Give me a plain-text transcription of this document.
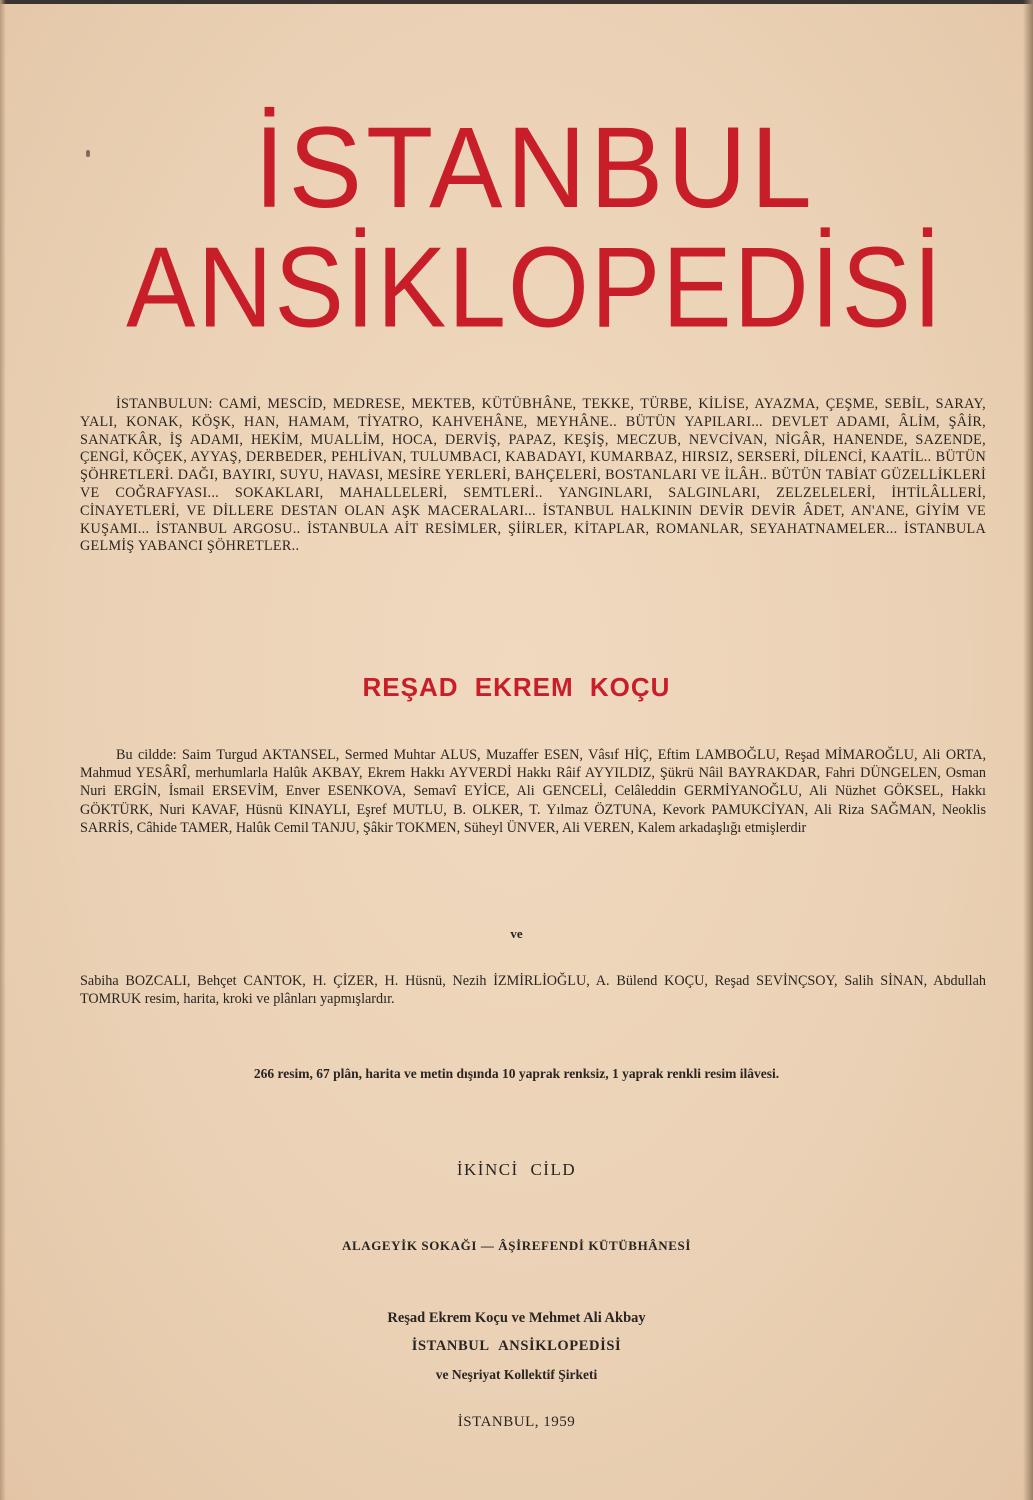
İSTANBUL
ANSİKLOPEDİSİ

İSTANBULUN: CAMİ, MESCİD, MEDRESE, MEKTEB, KÜTÜBHÂNE, TEKKE, TÜRBE, KİLİSE, AYAZMA, ÇEŞME, SEBİL, SARAY, YALI, KONAK, KÖŞK, HAN, HAMAM, TİYATRO, KAHVEHÂNE, MEYHÂNE.. BÜTÜN YAPILARI... DEVLET ADAMI, ÂLİM, ŞÂİR, SANATKÂR, İŞ ADAMI, HEKİM, MUALLİM, HOCA, DERVİŞ, PAPAZ, KEŞİŞ, MECZUB, NEVCİVAN, NİGÂR, HANENDE, SAZENDE, ÇENGİ, KÖÇEK, AYYAŞ, DERBEDER, PEHLİVAN, TULUMBACI, KABADAYI, KUMARBAZ, HIRSIZ, SERSERİ, DİLENCİ, KAATİL.. BÜTÜN ŞÖHRETLERİ. DAĞI, BAYIRI, SUYU, HAVASI, MESİRE YERLERİ, BAHÇELERİ, BOSTANLARI VE İLÂH.. BÜTÜN TABİAT GÜZELLİKLERİ VE COĞRAFYASI... SOKAKLARI, MAHALLELERİ, SEMTLERİ.. YANGINLARI, SALGINLARI, ZELZELELERİ, İHTİLÂLLERİ, CİNAYETLERİ, VE DİLLERE DESTAN OLAN AŞK MACERALARI... İSTANBUL HALKININ DEVİR DEVİR ÂDET, AN'ANE, GİYİM VE KUŞAMI... İSTANBUL ARGOSU.. İSTANBULA AİT RESİMLER, ŞİİRLER, KİTAPLAR, ROMANLAR, SEYAHATNAMELER... İSTANBULA GELMİŞ YABANCI ŞÖHRETLER..

REŞAD EKREM KOÇU

Bu cildde: Saim Turgud AKTANSEL, Sermed Muhtar ALUS, Muzaffer ESEN, Vâsıf HİÇ, Eftim LAMBOĞLU, Reşad MİMAROĞLU, Ali ORTA, Mahmud YESÂRÎ, merhumlarla Halûk AKBAY, Ekrem Hakkı AYVERDİ Hakkı Râif AYYILDIZ, Şükrü Nâil BAYRAKDAR, Fahri DÜNGELEN, Osman Nuri ERGİN, İsmail ERSEVİM, Enver ESENKOVA, Semavî EYİCE, Ali GENCELİ, Celâleddin GERMİYANOĞLU, Ali Nüzhet GÖKSEL, Hakkı GÖKTÜRK, Nuri KAVAF, Hüsnü KINAYLI, Eşref MUTLU, B. OLKER, T. Yılmaz ÖZTUNA, Kevork PAMUKCİYAN, Ali Riza SAĞMAN, Neoklis SARRİS, Câhide TAMER, Halûk Cemil TANJU, Şâkir TOKMEN, Süheyl ÜNVER, Ali VEREN, Kalem arkadaşlığı etmişlerdir

ve

Sabiha BOZCALI, Behçet CANTOK, H. ÇİZER, H. Hüsnü, Nezih İZMİRLİOĞLU, A. Bülend KOÇU, Reşad SEVİNÇSOY, Salih SİNAN, Abdullah TOMRUK resim, harita, kroki ve plânları yapmışlardır.

266 resim, 67 plân, harita ve metin dışında 10 yaprak renksiz, 1 yaprak renkli resim ilâvesi.
İKİNCİ CİLD
ALAGEYİK SOKAĞI — ÂŞİREFENDİ KÜTÜBHÂNESİ
Reşad Ekrem Koçu ve Mehmet Ali Akbay
İSTANBUL ANSİKLOPEDİSİ
ve Neşriyat Kollektif Şirketi
İSTANBUL, 1959
